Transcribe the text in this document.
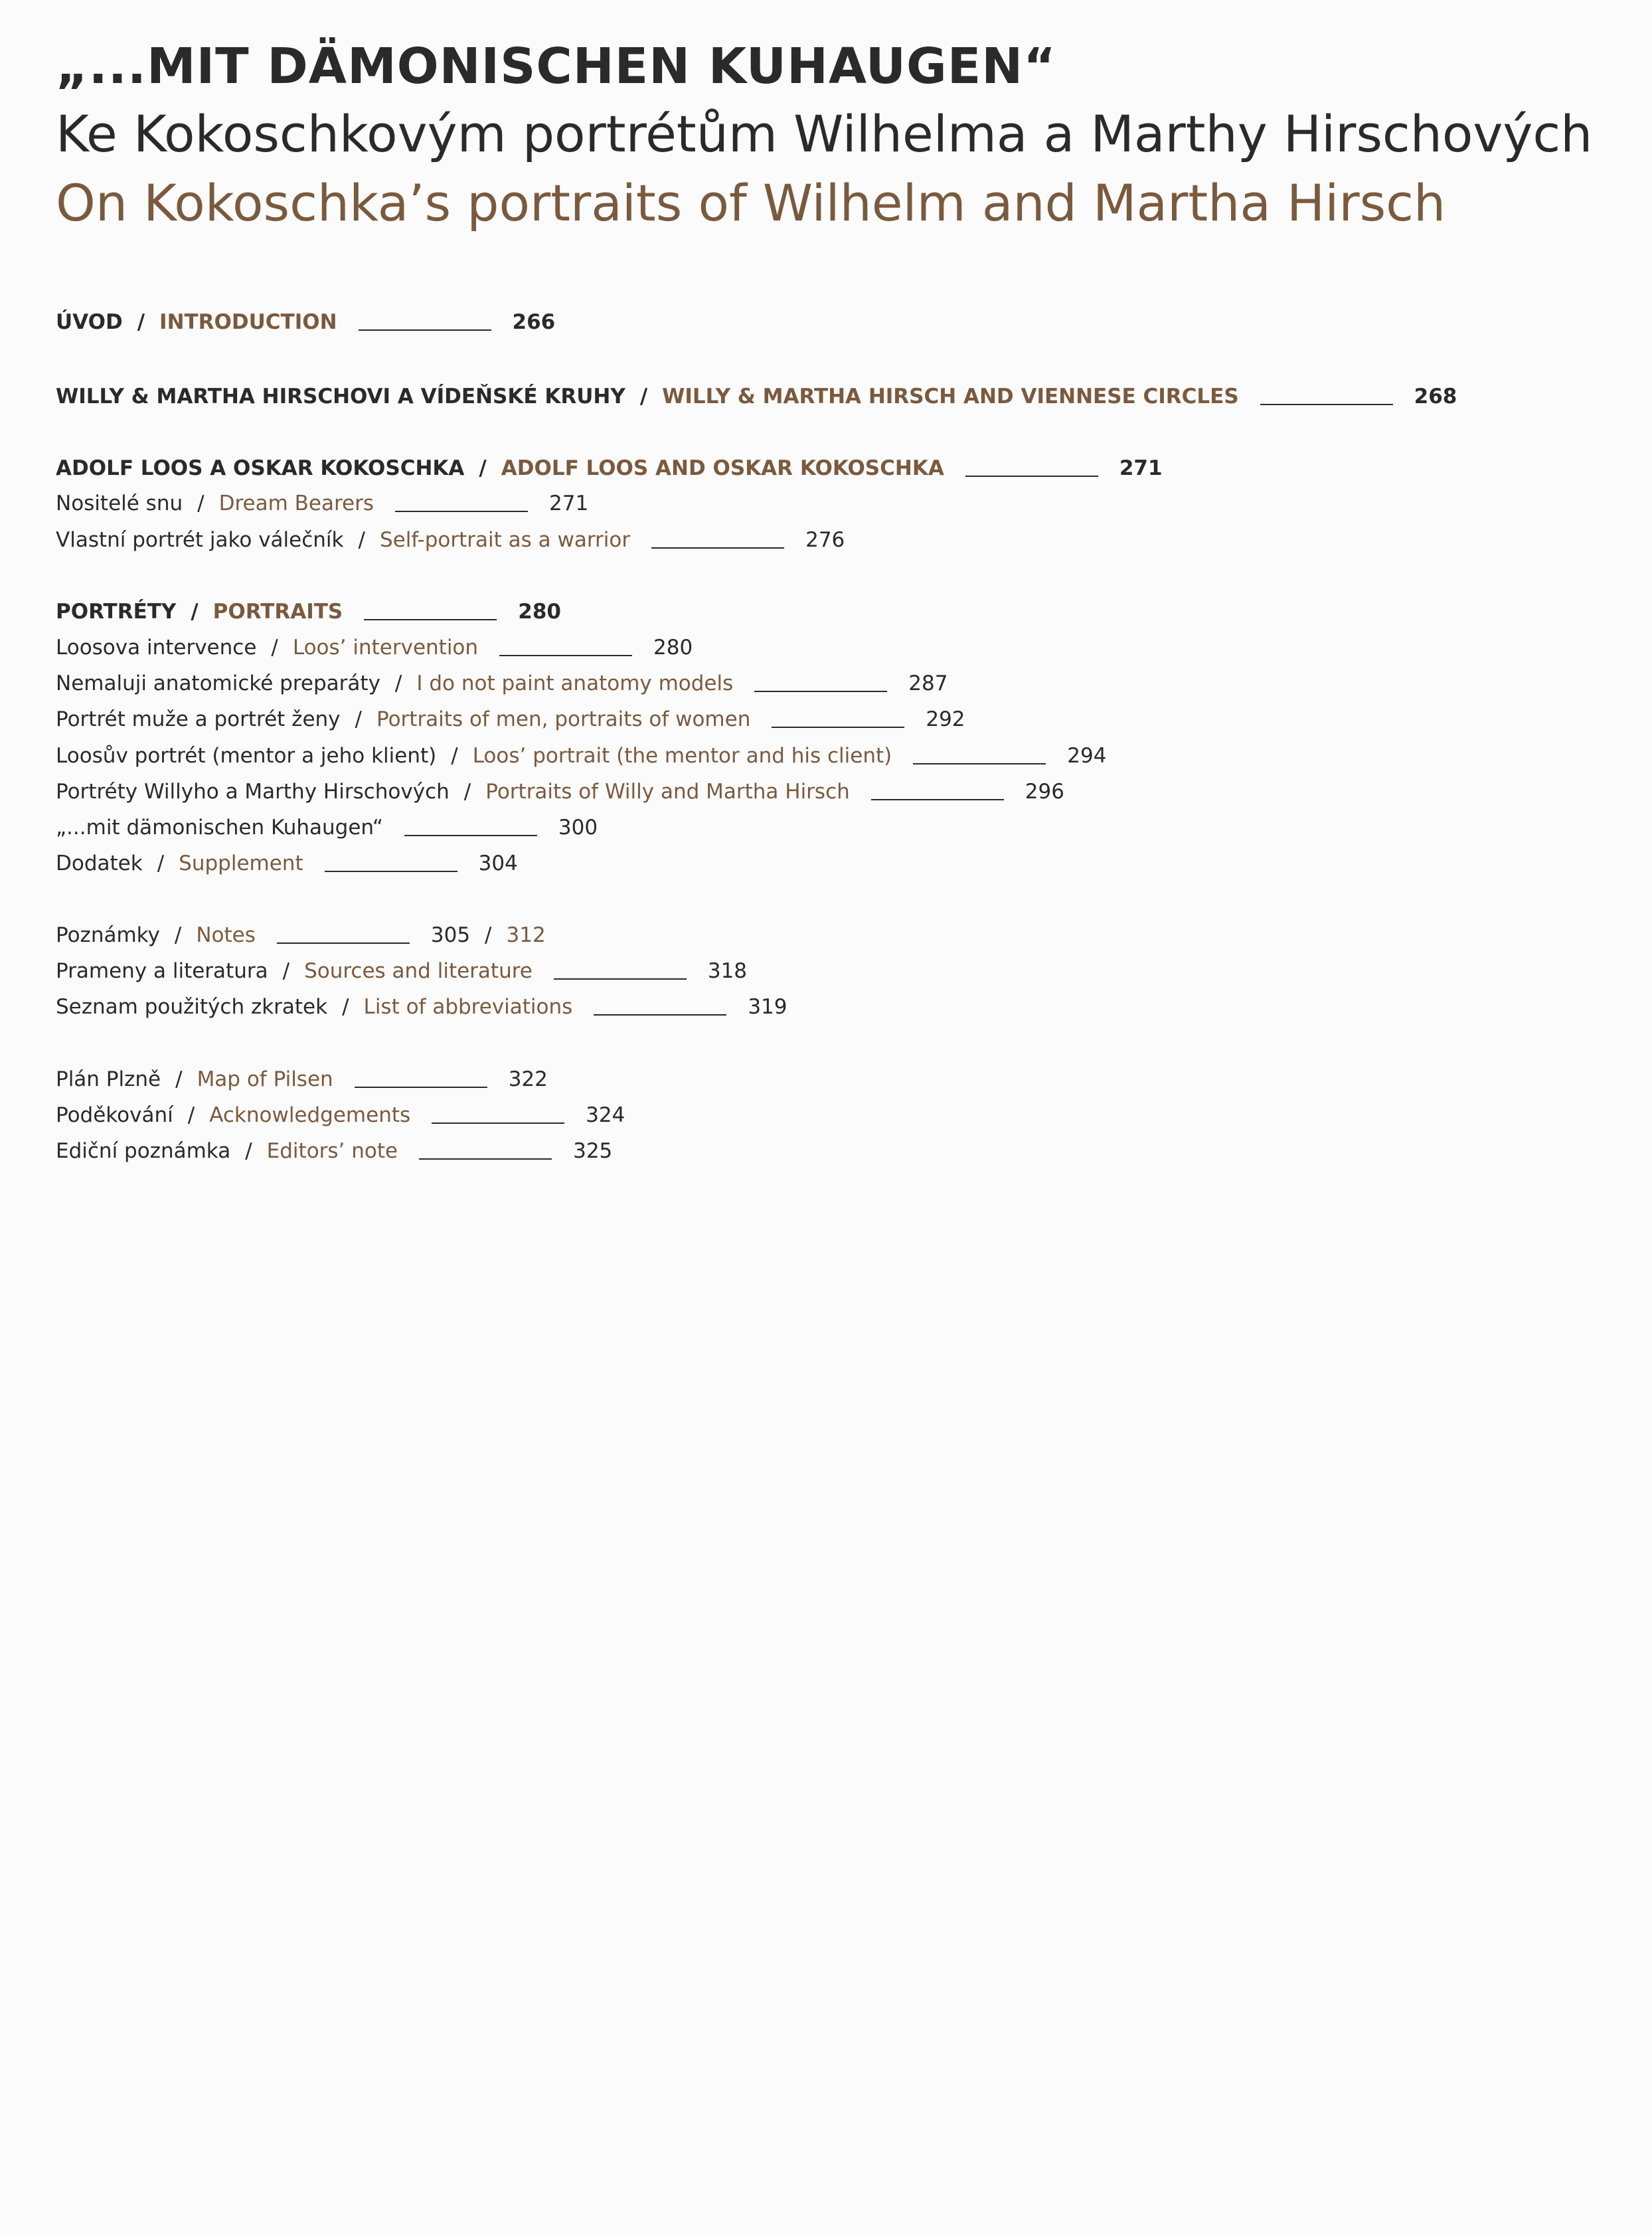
„...MIT DÄMONISCHEN KUHAUGEN“
Ke Kokoschkovým portrétům Wilhelma a Marthy Hirschových
On Kokoschka’s portraits of Wilhelm and Martha Hirsch
ÚVOD / INTRODUCTION	266
WILLY & MARTHA HIRSCHOVI A VÍDEŇSKÉ KRUHY / WILLY & MARTHA HIRSCH AND VIENNESE CIRCLES	268
ADOLF LOOS A OSKAR KOKOSCHKA / ADOLF LOOS AND OSKAR KOKOSCHKA	271
Nositelé snu / Dream Bearers	271
Vlastní portrét jako válečník / Self-portrait as a warrior	276
PORTRÉTY / PORTRAITS	280
Loosova intervence / Loos’ intervention	280
Nemaluji anatomické preparáty / I do not paint anatomy models	287
Portrét muže a portrét ženy / Portraits of men, portraits of women	292
Loosův portrét (mentor a jeho klient) / Loos’ portrait (the mentor and his client)	294
Portréty Willyho a Marthy Hirschových / Portraits of Willy and Martha Hirsch	296
„...mit dämonischen Kuhaugen“	300
Dodatek / Supplement	304
Poznámky / Notes	305 / 312
Prameny a literatura / Sources and literature	318
Seznam použitých zkratek / List of abbreviations	319
Plán Plzně / Map of Pilsen	322
Poděkování / Acknowledgements	324
Ediční poznámka / Editors’ note	325
